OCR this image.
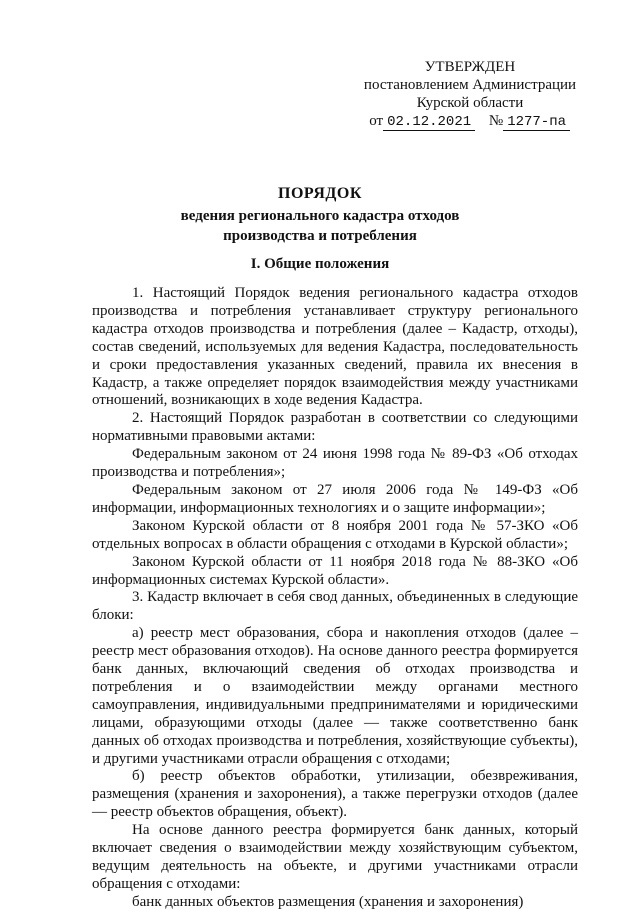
УТВЕРЖДЕН
постановлением Администрации
Курской области
от 02.12.2021 № 1277-па
ПОРЯДОК
ведения регионального кадастра отходов
производства и потребления
I. Общие положения

1. Настоящий Порядок ведения регионального кадастра отходов производства и потребления устанавливает структуру регионального кадастра отходов производства и потребления (далее – Кадастр, отходы), состав сведений, используемых для ведения Кадастра, последовательность и сроки предоставления указанных сведений, правила их внесения в Кадастр, а также определяет порядок взаимодействия между участниками отношений, возникающих в ходе ведения Кадастра.

2. Настоящий Порядок разработан в соответствии со следующими нормативными правовыми актами:

Федеральным законом от 24 июня 1998 года № 89-ФЗ «Об отходах производства и потребления»;

Федеральным законом от 27 июля 2006 года № 149-ФЗ «Об информации, информационных технологиях и о защите информации»;

Законом Курской области от 8 ноября 2001 года № 57-ЗКО «Об отдельных вопросах в области обращения с отходами в Курской области»;

Законом Курской области от 11 ноября 2018 года № 88-ЗКО «Об информационных системах Курской области».

3. Кадастр включает в себя свод данных, объединенных в следующие блоки:

а) реестр мест образования, сбора и накопления отходов (далее – реестр мест образования отходов). На основе данного реестра формируется банк данных, включающий сведения об отходах производства и потребления и о взаимодействии между органами местного самоуправления, индивидуальными предпринимателями и юридическими лицами, образующими отходы (далее — также соответственно банк данных об отходах производства и потребления, хозяйствующие субъекты), и другими участниками отрасли обращения с отходами;

б) реестр объектов обработки, утилизации, обезвреживания, размещения (хранения и захоронения), а также перегрузки отходов (далее — реестр объектов обращения, объект).

На основе данного реестра формируется банк данных, который включает сведения о взаимодействии между хозяйствующим субъектом, ведущим деятельность на объекте, и другими участниками отрасли обращения с отходами:

банк данных объектов размещения (хранения и захоронения)
